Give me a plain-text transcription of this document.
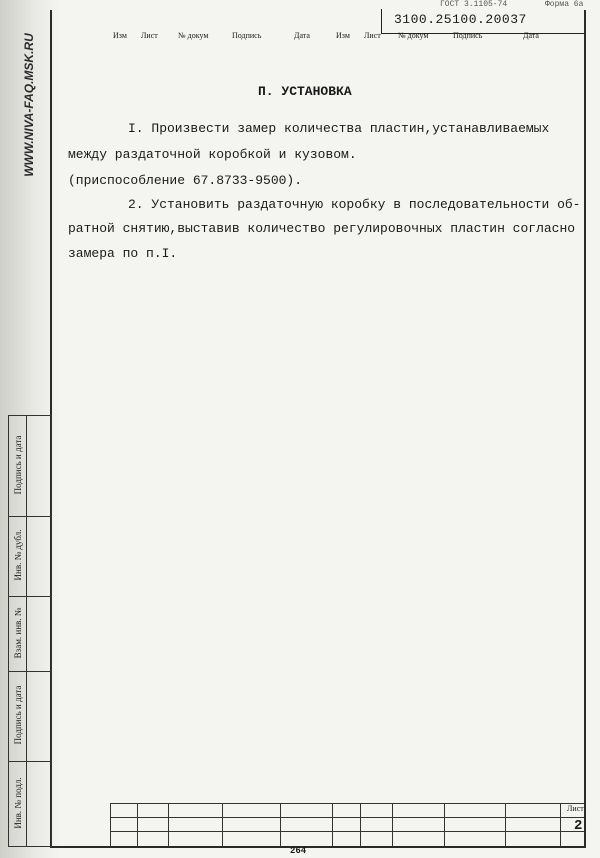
ГОСТ 3.1105-74	Форма 6а
3100.25100.20037
WWW.NIVA-FAQ.MSK.RU	П. УСТАНОВКА
I. Произвести замер количества пластин,устанавливаемых
между раздаточной коробкой и кузовом.
(приспособление 67.8733-9500).
2. Установить раздаточную коробку в последовательности об-
ратной снятию,выставив количество регулировочных пластин согласно
замера по п.I.
Подпись и дата
Инв. № дубл.
Взам. инв. №
Подпись и дата
Инв. № подл.
Изм Лист	№ докум	Подпись	Дата	Изм Лист № докум	Подпись	Дата
Лист
2
264
